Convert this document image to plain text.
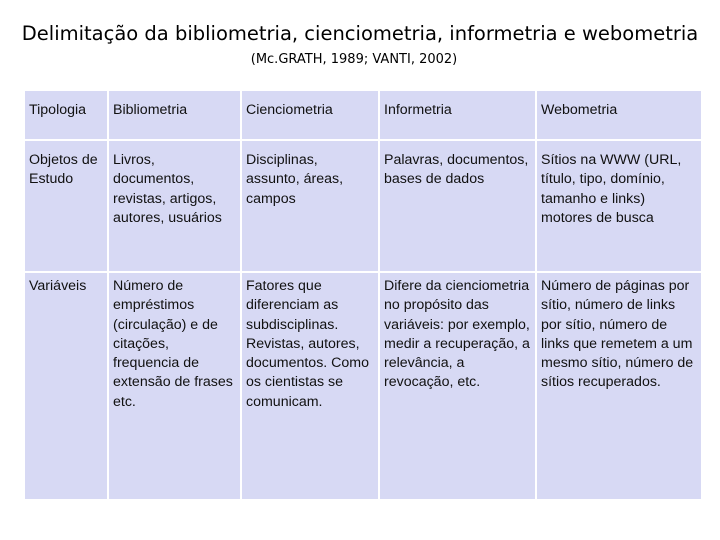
Delimitação da bibliometria, cienciometria, informetria e webometria

(Mc.GRATH, 1989; VANTI, 2002)

Tipologia	Bibliometria	Cienciometria	Informetria	Webometria

Objetos de Estudo	Livros, documentos, revistas, artigos, autores, usuários	Disciplinas, assunto, áreas, campos	Palavras, documentos, bases de dados	Sítios na WWW (URL, título, tipo, domínio, tamanho e links) motores de busca

Variáveis	Número de empréstimos (circulação) e de citações, frequencia de extensão de frases etc.	Fatores que diferenciam as subdisciplinas. Revistas, autores, documentos. Como os cientistas se comunicam.	Difere da cienciometria no propósito das variáveis: por exemplo, medir a recuperação, a relevância, a revocação, etc.	Número de páginas por sítio, número de links por sítio, número de links que remetem a um mesmo sítio, número de sítios recuperados.
